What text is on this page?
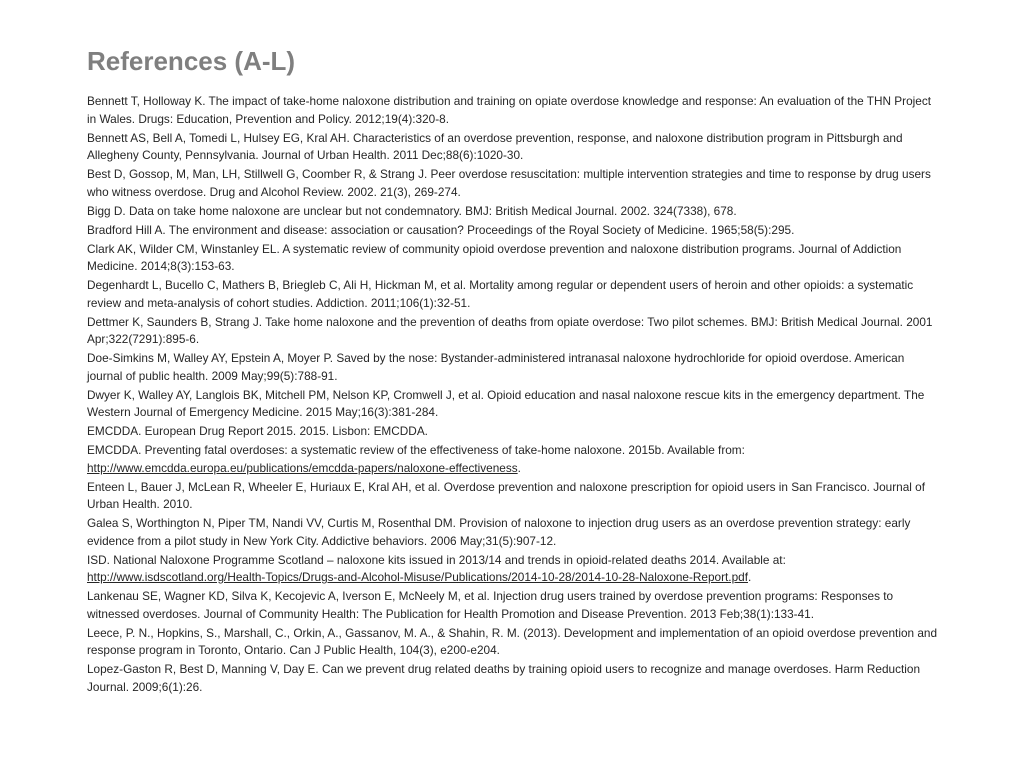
References (A-L)

Bennett T, Holloway K. The impact of take-home naloxone distribution and training on opiate overdose knowledge and response: An evaluation of the THN Project in Wales. Drugs: Education, Prevention and Policy. 2012;19(4):320-8.

Bennett AS, Bell A, Tomedi L, Hulsey EG, Kral AH. Characteristics of an overdose prevention, response, and naloxone distribution program in Pittsburgh and Allegheny County, Pennsylvania. Journal of Urban Health. 2011 Dec;88(6):1020-30.

Best D, Gossop, M, Man, LH, Stillwell G, Coomber R, & Strang J. Peer overdose resuscitation: multiple intervention strategies and time to response by drug users who witness overdose. Drug and Alcohol Review. 2002. 21(3), 269-274.

Bigg D. Data on take home naloxone are unclear but not condemnatory. BMJ: British Medical Journal. 2002. 324(7338), 678.

Bradford Hill A. The environment and disease: association or causation? Proceedings of the Royal Society of Medicine. 1965;58(5):295.

Clark AK, Wilder CM, Winstanley EL. A systematic review of community opioid overdose prevention and naloxone distribution programs. Journal of Addiction Medicine. 2014;8(3):153-63.

Degenhardt L, Bucello C, Mathers B, Briegleb C, Ali H, Hickman M, et al. Mortality among regular or dependent users of heroin and other opioids: a systematic review and meta-analysis of cohort studies. Addiction. 2011;106(1):32-51.

Dettmer K, Saunders B, Strang J. Take home naloxone and the prevention of deaths from opiate overdose: Two pilot schemes. BMJ: British Medical Journal. 2001 Apr;322(7291):895-6.

Doe-Simkins M, Walley AY, Epstein A, Moyer P. Saved by the nose: Bystander-administered intranasal naloxone hydrochloride for opioid overdose. American journal of public health. 2009 May;99(5):788-91.

Dwyer K, Walley AY, Langlois BK, Mitchell PM, Nelson KP, Cromwell J, et al. Opioid education and nasal naloxone rescue kits in the emergency department. The Western Journal of Emergency Medicine. 2015 May;16(3):381-284.

EMCDDA. European Drug Report 2015. 2015. Lisbon: EMCDDA.

EMCDDA. Preventing fatal overdoses: a systematic review of the effectiveness of take-home naloxone. 2015b. Available from: http://www.emcdda.europa.eu/publications/emcdda-papers/naloxone-effectiveness.

Enteen L, Bauer J, McLean R, Wheeler E, Huriaux E, Kral AH, et al. Overdose prevention and naloxone prescription for opioid users in San Francisco. Journal of Urban Health. 2010.

Galea S, Worthington N, Piper TM, Nandi VV, Curtis M, Rosenthal DM. Provision of naloxone to injection drug users as an overdose prevention strategy: early evidence from a pilot study in New York City. Addictive behaviors. 2006 May;31(5):907-12.

ISD. National Naloxone Programme Scotland – naloxone kits issued in 2013/14 and trends in opioid-related deaths 2014. Available at: http://www.isdscotland.org/Health-Topics/Drugs-and-Alcohol-Misuse/Publications/2014-10-28/2014-10-28-Naloxone-Report.pdf.

Lankenau SE, Wagner KD, Silva K, Kecojevic A, Iverson E, McNeely M, et al. Injection drug users trained by overdose prevention programs: Responses to witnessed overdoses. Journal of Community Health: The Publication for Health Promotion and Disease Prevention. 2013 Feb;38(1):133-41.

Leece, P. N., Hopkins, S., Marshall, C., Orkin, A., Gassanov, M. A., & Shahin, R. M. (2013). Development and implementation of an opioid overdose prevention and response program in Toronto, Ontario. Can J Public Health, 104(3), e200-e204.

Lopez-Gaston R, Best D, Manning V, Day E. Can we prevent drug related deaths by training opioid users to recognize and manage overdoses. Harm Reduction Journal. 2009;6(1):26.
